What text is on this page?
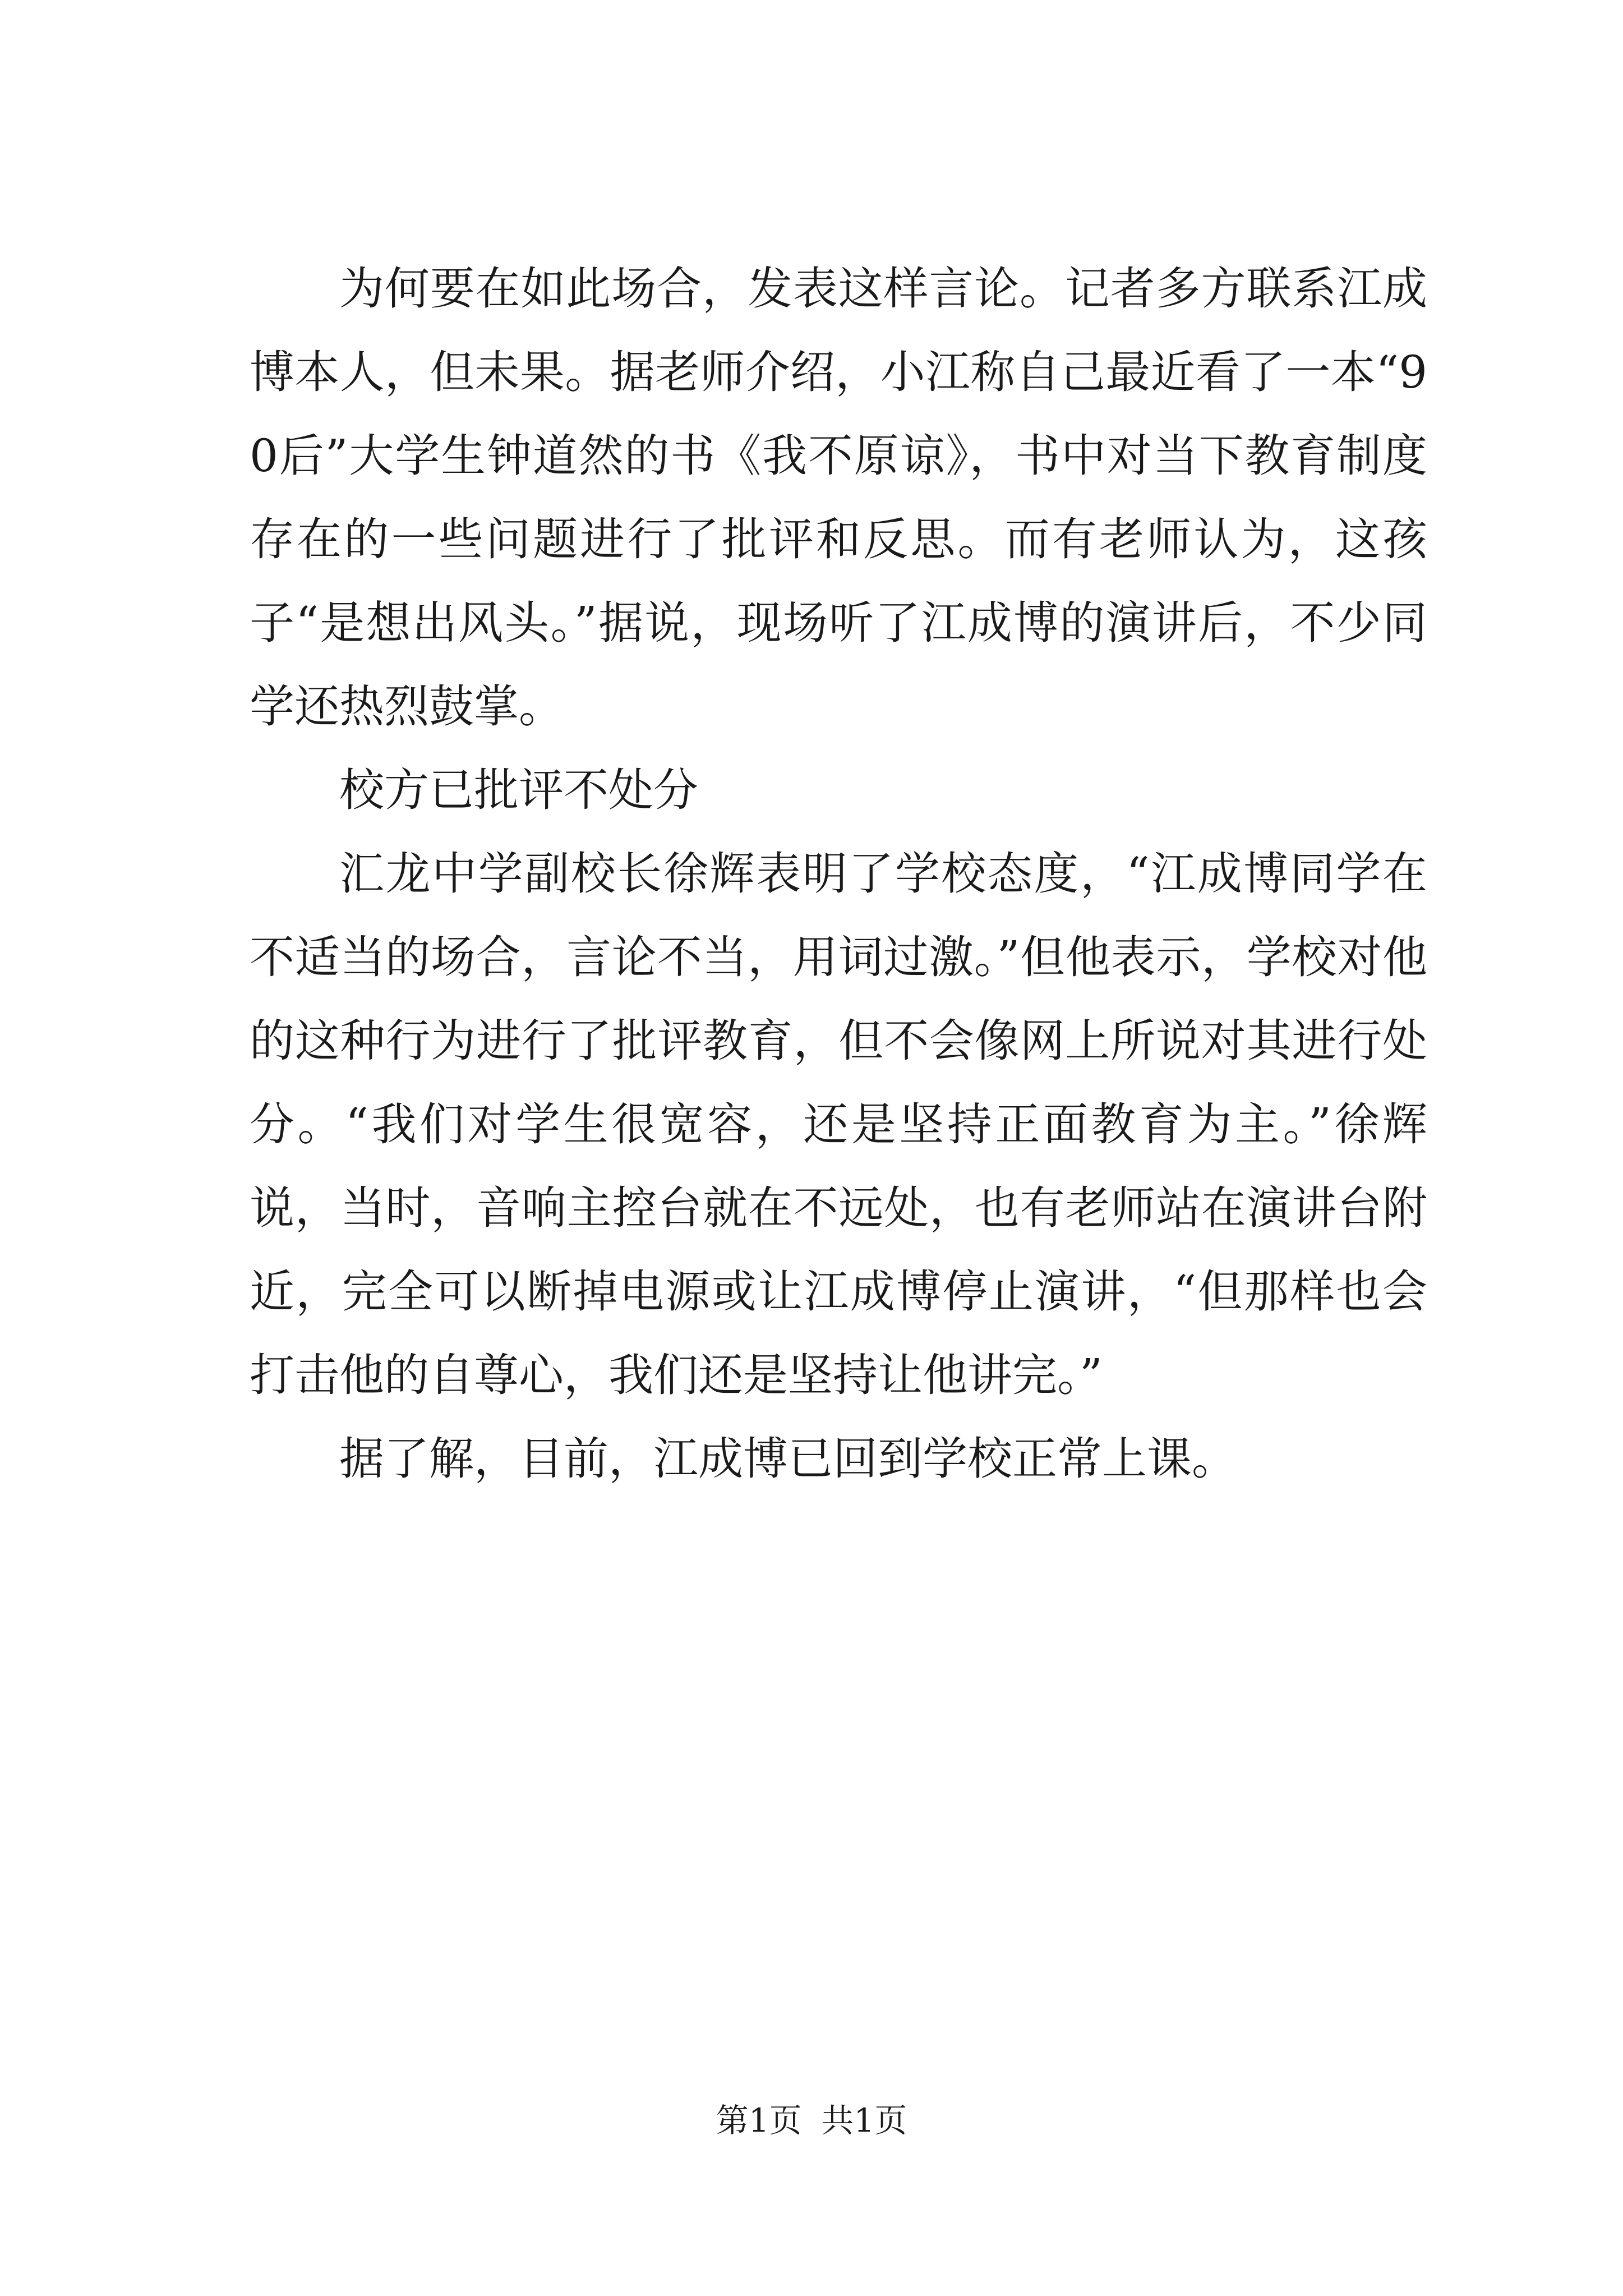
为何要在如此场合，发表这样言论。记者多方联系江成博本人，但未果。据老师介绍，小江称自己最近看了一本“90后”大学生钟道然的书《我不原谅》，书中对当下教育制度存在的一些问题进行了批评和反思。而有老师认为，这孩子“是想出风头。”据说，现场听了江成博的演讲后，不少同学还热烈鼓掌。

校方已批评不处分

汇龙中学副校长徐辉表明了学校态度，“江成博同学在不适当的场合，言论不当，用词过激。”但他表示，学校对他的这种行为进行了批评教育，但不会像网上所说对其进行处分。“我们对学生很宽容，还是坚持正面教育为主。”徐辉说，当时，音响主控台就在不远处，也有老师站在演讲台附近，完全可以断掉电源或让江成博停止演讲，“但那样也会打击他的自尊心，我们还是坚持让他讲完。”

据了解，目前，江成博已回到学校正常上课。

第1页 共1页
